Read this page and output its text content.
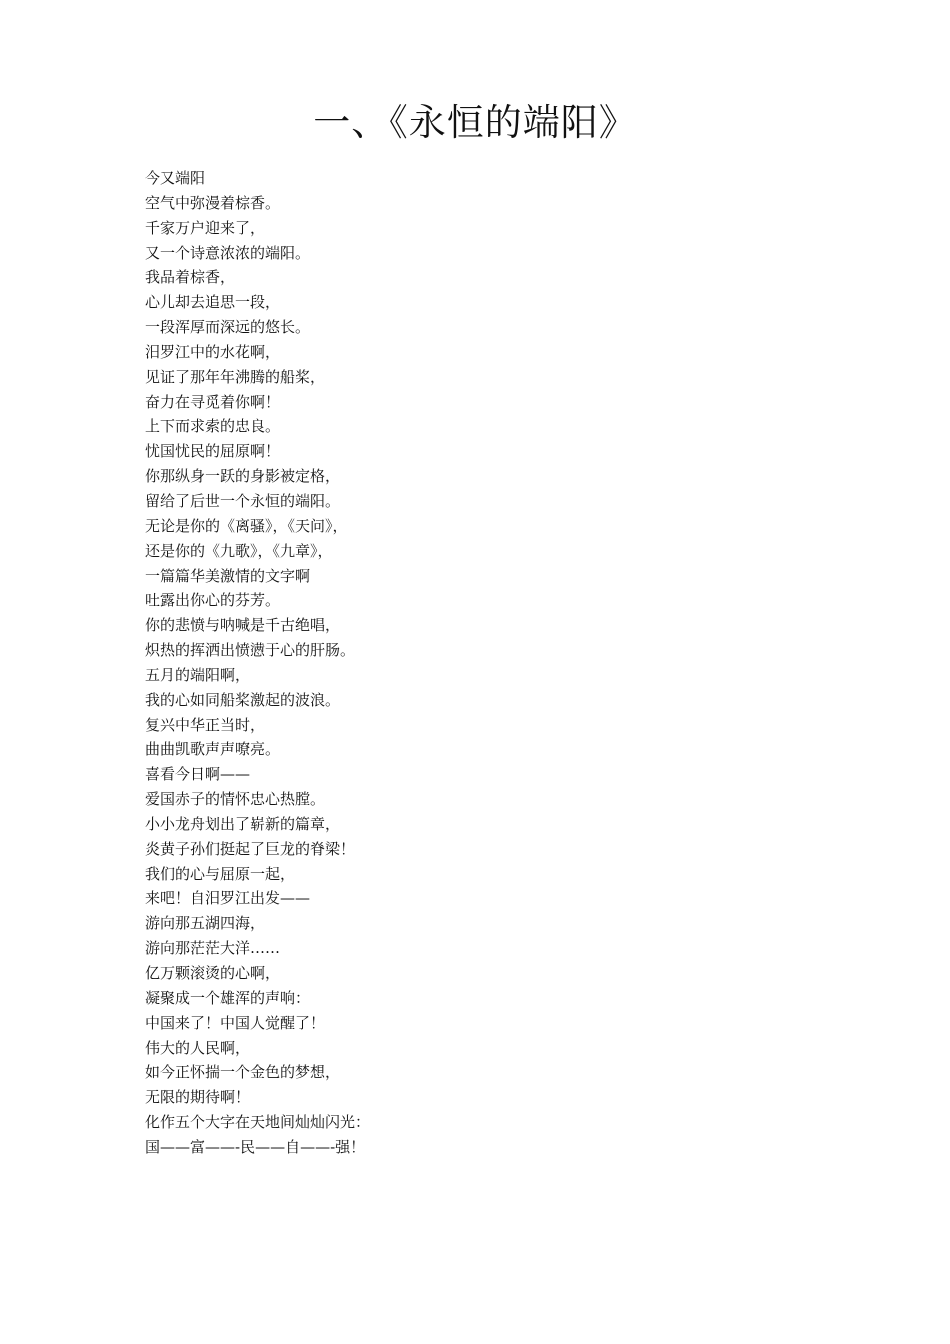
一、《永恒的端阳》
今又端阳
空气中弥漫着棕香。
千家万户迎来了，
又一个诗意浓浓的端阳。
我品着棕香，
心儿却去追思一段，
一段浑厚而深远的悠长。
汨罗江中的水花啊，
见证了那年年沸腾的船桨，
奋力在寻觅着你啊！
上下而求索的忠良。
忧国忧民的屈原啊！
你那纵身一跃的身影被定格，
留给了后世一个永恒的端阳。
无论是你的《离骚》，《天问》，
还是你的《九歌》，《九章》，
一篇篇华美激情的文字啊
吐露出你心的芬芳。
你的悲愤与呐喊是千古绝唱，
炽热的挥洒出愤懑于心的肝肠。
五月的端阳啊，
我的心如同船桨激起的波浪。
复兴中华正当时，
曲曲凯歌声声嘹亮。
喜看今日啊——
爱国赤子的情怀忠心热膛。
小小龙舟划出了崭新的篇章，
炎黄子孙们挺起了巨龙的脊梁！
我们的心与屈原一起，
来吧！自汨罗江出发——
游向那五湖四海，
游向那茫茫大洋……
亿万颗滚烫的心啊，
凝聚成一个雄浑的声响：
中国来了！中国人觉醒了！
伟大的人民啊，
如今正怀揣一个金色的梦想，
无限的期待啊！
化作五个大字在天地间灿灿闪光：
国——富——-民——自——-强！
